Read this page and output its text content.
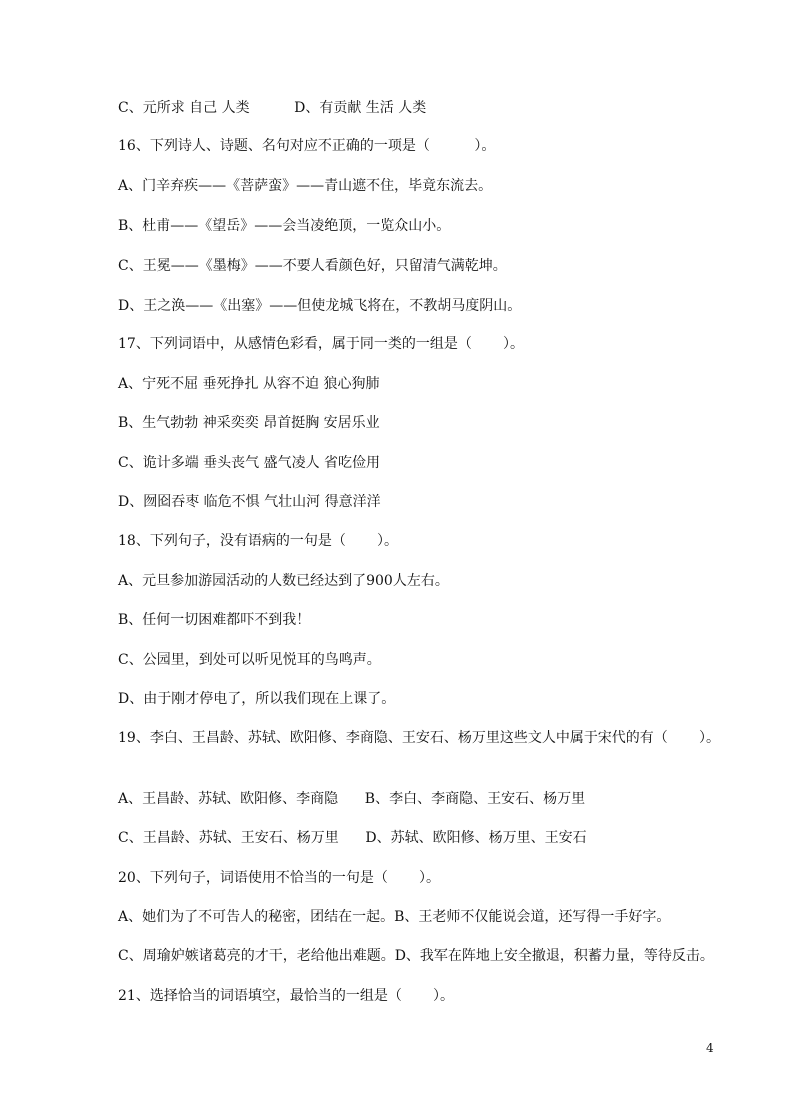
C、元所求 自己 人类          D、有贡献 生活 人类
16、下列诗人、诗题、名句对应不正确的一项是（          ）。
A、门辛弃疾——《菩萨蛮》——青山遮不住，毕竟东流去。
B、杜甫——《望岳》——会当凌绝顶，一览众山小。
C、王冕——《墨梅》——不要人看颜色好，只留清气满乾坤。
D、王之涣——《出塞》——但使龙城飞将在，不教胡马度阴山。
17、下列词语中，从感情色彩看，属于同一类的一组是（       ）。
A、宁死不屈 垂死挣扎 从容不迫 狼心狗肺
B、生气勃勃 神采奕奕 昂首挺胸 安居乐业
C、诡计多端 垂头丧气 盛气凌人 省吃俭用
D、囫囵吞枣 临危不惧 气壮山河 得意洋洋
18、下列句子，没有语病的一句是（       ）。
A、元旦参加游园活动的人数已经达到了900人左右。
B、任何一切困难都吓不到我！
C、公园里，到处可以听见悦耳的鸟鸣声。
D、由于刚才停电了，所以我们现在上课了。
19、李白、王昌龄、苏轼、欧阳修、李商隐、王安石、杨万里这些文人中属于宋代的有（       ）。
A、王昌龄、苏轼、欧阳修、李商隐      B、李白、李商隐、王安石、杨万里
C、王昌龄、苏轼、王安石、杨万里      D、苏轼、欧阳修、杨万里、王安石
20、下列句子，词语使用不恰当的一句是（       ）。
A、她们为了不可告人的秘密，团结在一起。B、王老师不仅能说会道，还写得一手好字。
C、周瑜妒嫉诸葛亮的才干，老给他出难题。D、我军在阵地上安全撤退，积蓄力量，等待反击。
21、选择恰当的词语填空，最恰当的一组是（       ）。
4
